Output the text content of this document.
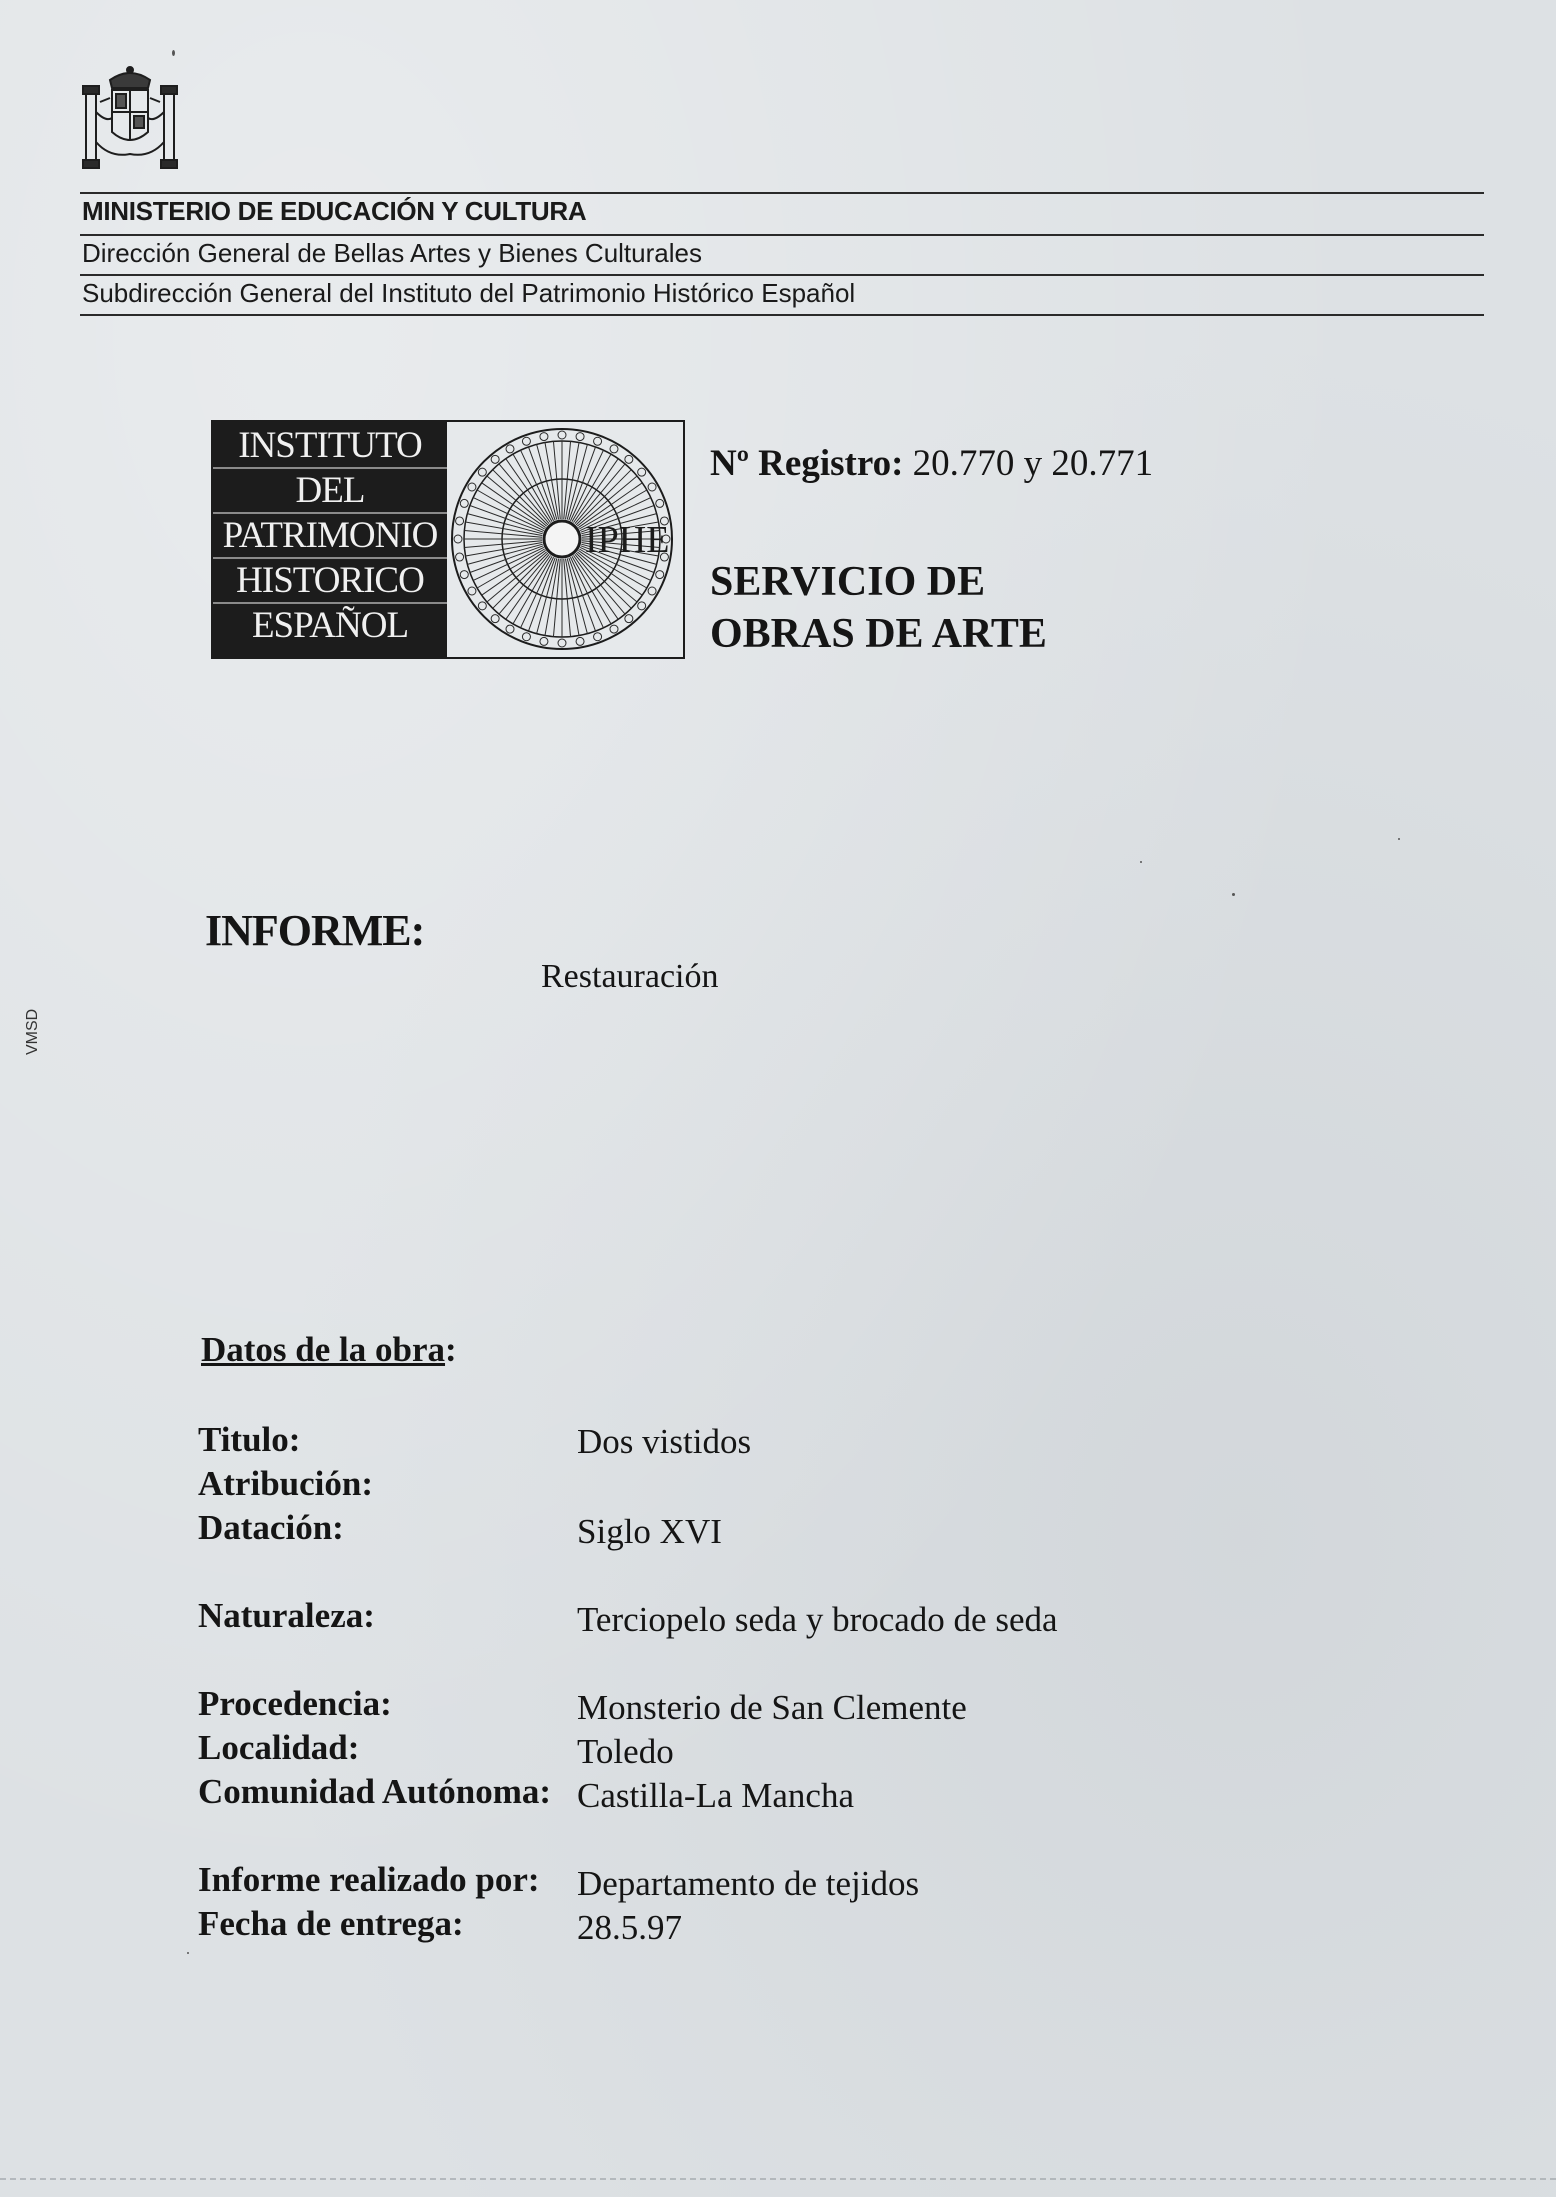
MINISTERIO DE EDUCACIÓN Y CULTURA
Dirección General de Bellas Artes y Bienes Culturales
Subdirección General del Instituto del Patrimonio Histórico Español
INSTITUTO
DEL
PATRIMONIO
HISTORICO
ESPAÑOL
IPHE
Nº Registro: 20.770 y 20.771
SERVICIO DE
OBRAS DE ARTE
INFORME:
Restauración
VMSD
Datos de la obra:
Titulo:	Dos vistidos
Atribución:
Datación:	Siglo XVI
Naturaleza:	Terciopelo seda y brocado de seda
Procedencia:	Monsterio de San Clemente
Localidad:	Toledo
Comunidad Autónoma: Castilla-La Mancha
Informe realizado por: Departamento de tejidos
Fecha de entrega:	28.5.97
